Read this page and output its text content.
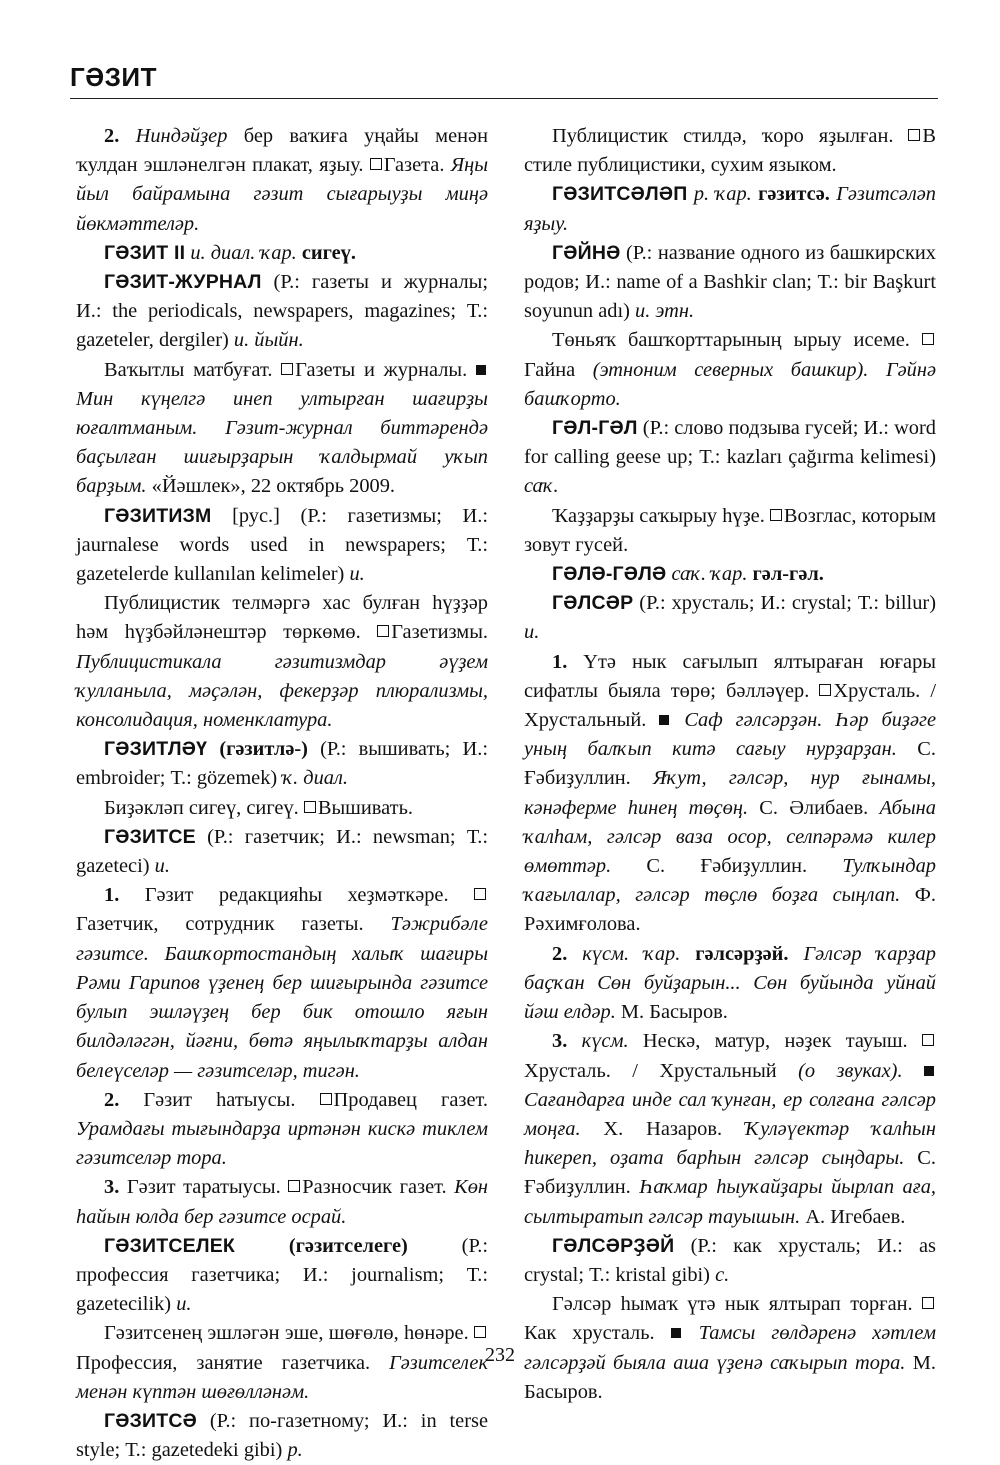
ГӘЗИТ

2. Ниндәйҙер бер ваҡиға уңайы менән ҡулдан эшләнелгән плакат, яҙыу. Газета. Яңы йыл байрамына гәзит сығарыуҙы миңә йөкмәттеләр.

ГӘЗИТ II и. диал. ҡар. сигеү.

ГӘЗИТ-ЖУРНАЛ (Р.: газеты и журналы; И.: the periodicals, newspapers, magazines; Т.: gazeteler, dergiler) и. йыйн.

Ваҡытлы матбуғат. Газеты и журналы.  Мин күңелгә инеп ултырған шағирҙы юғалтманым. Гәзит-журнал биттәрендә баҫылған шиғырҙарын ҡалдырмай уҡып барҙым. «Йәшлек», 22 октябрь 2009.

ГӘЗИТИЗМ [рус.] (Р.: газетизмы; И.: jaurnalese words used in newspapers; Т.: gazetelerde kullanılan kelimeler) и.

Публицистик телмәргә хас булған һүҙҙәр һәм һүҙбәйләнештәр төркөмө. Газетизмы. Публицистикала гәзитизмдар әүҙем ҡулланыла, мәҫәлән, фекерҙәр плюрализмы, консолидация, номенклатура.

ГӘЗИТЛӘҮ (гәзитлә-) (Р.: вышивать; И.: embroider; Т.: gözemek) ҡ. диал.

Биҙәкләп сигеү, сигеү. Вышивать.

ГӘЗИТСЕ (Р.: газетчик; И.: newsman; Т.: gazeteci) и.

1. Гәзит редакцияһы хеҙмәткәре. Газетчик, сотрудник газеты. Тәжрибәле гәзитсе. Башҡортостандың халыҡ шағиры Рәми Гарипов үҙенең бер шиғырында гәзитсе булып эшләүҙең бер бик отошло яғын билдәләгән, йәғни, бөтә яңылыҡтарҙы алдан белеүселәр — гәзитселәр, тигән.

2. Гәзит һатыусы. Продавец газет. Урамдағы тығындарҙа иртәнән кискә тиклем гәзитселәр тора.

3. Гәзит таратыусы. Разносчик газет. Көн һайын юлда бер гәзитсе осрай.

ГӘЗИТСЕЛЕК (гәзитселеге) (Р.: профессия газетчика; И.: journalism; Т.: gazetecilik) и.

Гәзитсенең эшләгән эше, шөғөлө, һөнәре. Профессия, занятие газетчика. Гәзитселек менән күптән шөғөлләнәм.

ГӘЗИТСӘ (Р.: по-газетному; И.: in terse style; Т.: gazetedeki gibi) р.

Публицистик стилдә, ҡоро яҙылған. В стиле публицистики, сухим языком.

ГӘЗИТСӘЛӘП р. ҡар. гәзитсә. Гәзитсәләп яҙыу.

ГӘЙНӘ (Р.: название одного из башкирских родов; И.: name of a Bashkir clan; Т.: bir Başkurt soyunun adı) и. этн.

Төньяҡ башҡорттарының ырыу исеме. Гайна (этноним северных башкир). Гәйнә башҡорто.

ГӘЛ-ГӘЛ (Р.: слово подзыва гусей; И.: word for calling geese up; Т.: kazları çağırma kelimesi) саҡ.

Ҡаҙҙарҙы саҡырыу һүҙе. Возглас, которым зовут гусей.

ГӘЛӘ-ГӘЛӘ саҡ. ҡар. гәл-гәл.

ГӘЛСӘР (Р.: хрусталь; И.: crystal; Т.: billur) и.

1. Үтә нык сағылып ялтыраған юғары сифатлы быяла төрө; бәлләүер. Хрусталь. / Хрустальный.  Саф гәлсәрҙән. Һәр биҙәге уның балҡып китә сағыу нурҙарҙан. С. Ғәбиҙуллин. Яҡут, гәлсәр, нур ғынамы, кәнәферме һинең төҫөң. С. Әлибаев. Абына ҡалһам, гәлсәр ваза осор, селпәрәмә килер өмөттәр. С. Ғәбиҙуллин. Тулҡындар ҡағылалар, гәлсәр төҫлө боҙға сыңлап. Ф. Рәхимғолова.

2. күсм. ҡар. гәлсәрҙәй. Гәлсәр ҡарҙар баҫҡан Сөн буйҙарын... Сөн буйында уйнай йәш елдәр. М. Басыров.

3. күсм. Нескә, матур, нәҙек тауыш. Хрусталь. / Хрустальный (о звуках).  Сағандарға инде сал ҡунған, ер солғана гәлсәр моңға. Х. Назаров. Ҡуләүектәр ҡалһын һикереп, оҙата барһын гәлсәр сыңдары. С. Ғәбиҙуллин. Һаҡмар һыуҡайҙары йырлап аға, сылтыратып гәлсәр тауышын. А. Игебаев.

ГӘЛСӘРҘӘЙ (Р.: как хрусталь; И.: as crystal; Т.: kristal gibi) с.

Гәлсәр һымаҡ үтә нык ялтырап торған. Как хрусталь.  Тамсы гөлдәренә хәтлем гәлсәрҙәй быяла аша үҙенә саҡырып тора. М. Басыров.

232
